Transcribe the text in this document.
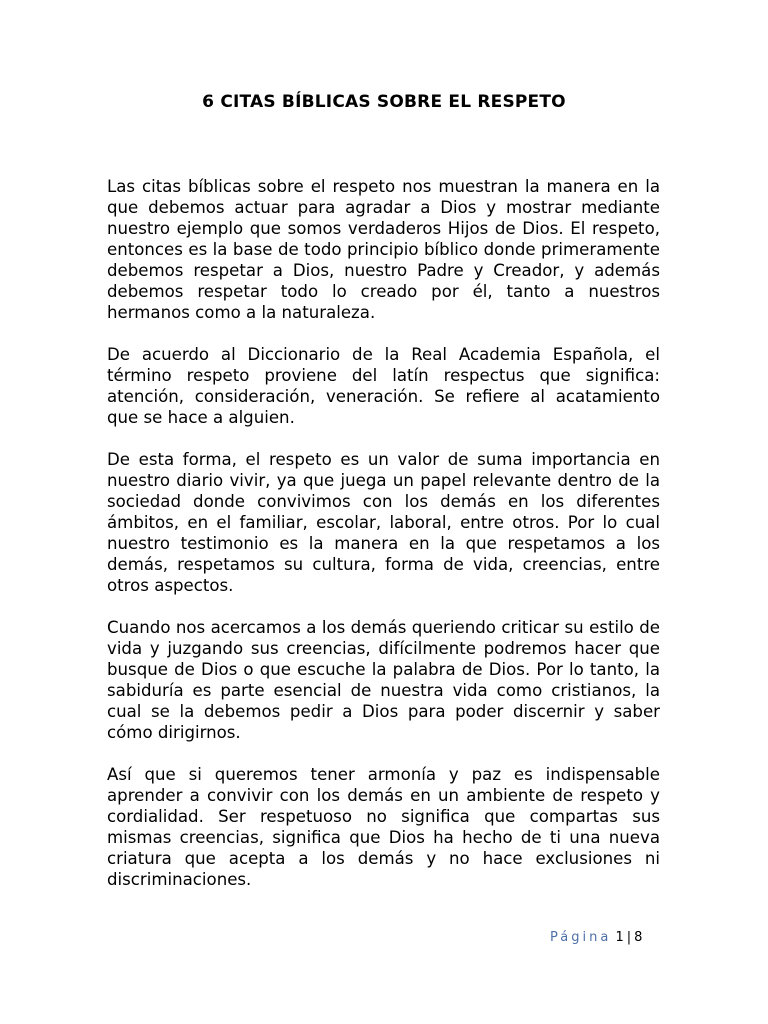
6 CITAS BÍBLICAS SOBRE EL RESPETO

Las citas bíblicas sobre el respeto nos muestran la manera en la que debemos actuar para agradar a Dios y mostrar mediante nuestro ejemplo que somos verdaderos Hijos de Dios. El respeto, entonces es la base de todo principio bíblico donde primeramente debemos respetar a Dios, nuestro Padre y Creador, y además debemos respetar todo lo creado por él, tanto a nuestros hermanos como a la naturaleza.

De acuerdo al Diccionario de la Real Academia Española, el término respeto proviene del latín respectus que significa: atención, consideración, veneración. Se refiere al acatamiento que se hace a alguien.

De esta forma, el respeto es un valor de suma importancia en nuestro diario vivir, ya que juega un papel relevante dentro de la sociedad donde convivimos con los demás en los diferentes ámbitos, en el familiar, escolar, laboral, entre otros. Por lo cual nuestro testimonio es la manera en la que respetamos a los demás, respetamos su cultura, forma de vida, creencias, entre otros aspectos.

Cuando nos acercamos a los demás queriendo criticar su estilo de vida y juzgando sus creencias, difícilmente podremos hacer que busque de Dios o que escuche la palabra de Dios. Por lo tanto, la sabiduría es parte esencial de nuestra vida como cristianos, la cual se la debemos pedir a Dios para poder discernir y saber cómo dirigirnos.

Así que si queremos tener armonía y paz es indispensable aprender a convivir con los demás en un ambiente de respeto y cordialidad. Ser respetuoso no significa que compartas sus mismas creencias, significa que Dios ha hecho de ti una nueva criatura que acepta a los demás y no hace exclusiones ni discriminaciones.

Página 1 | 8
